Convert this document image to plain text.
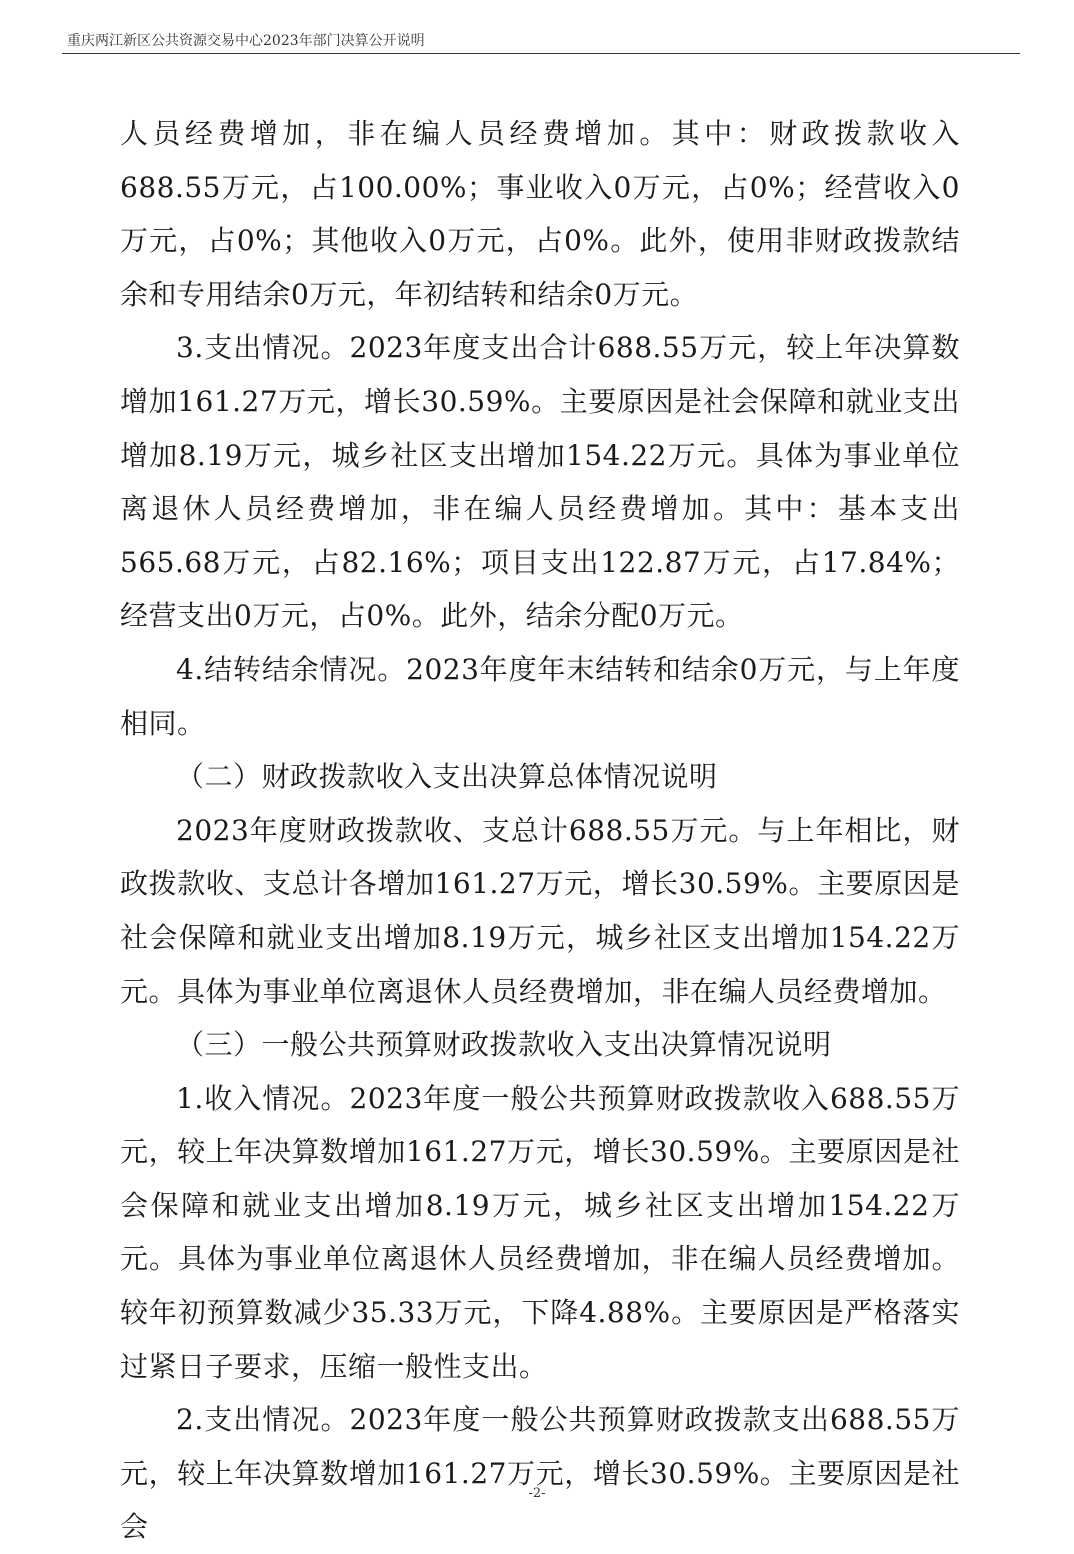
重庆两江新区公共资源交易中心2023年部门决算公开说明

人员经费增加，非在编人员经费增加。其中：财政拨款收入688.55万元，占100.00%；事业收入0万元，占0%；经营收入0万元，占0%；其他收入0万元，占0%。此外，使用非财政拨款结余和专用结余0万元，年初结转和结余0万元。

3.支出情况。2023年度支出合计688.55万元，较上年决算数增加161.27万元，增长30.59%。主要原因是社会保障和就业支出增加8.19万元，城乡社区支出增加154.22万元。具体为事业单位离退休人员经费增加，非在编人员经费增加。其中：基本支出565.68万元，占82.16%；项目支出122.87万元，占17.84%；经营支出0万元，占0%。此外，结余分配0万元。

4.结转结余情况。2023年度年末结转和结余0万元，与上年度相同。

（二）财政拨款收入支出决算总体情况说明

2023年度财政拨款收、支总计688.55万元。与上年相比，财政拨款收、支总计各增加161.27万元，增长30.59%。主要原因是社会保障和就业支出增加8.19万元，城乡社区支出增加154.22万元。具体为事业单位离退休人员经费增加，非在编人员经费增加。

（三）一般公共预算财政拨款收入支出决算情况说明

1.收入情况。2023年度一般公共预算财政拨款收入688.55万元，较上年决算数增加161.27万元，增长30.59%。主要原因是社会保障和就业支出增加8.19万元，城乡社区支出增加154.22万元。具体为事业单位离退休人员经费增加，非在编人员经费增加。较年初预算数减少35.33万元，下降4.88%。主要原因是严格落实过紧日子要求，压缩一般性支出。

2.支出情况。2023年度一般公共预算财政拨款支出688.55万元，较上年决算数增加161.27万元，增长30.59%。主要原因是社会

-2-
